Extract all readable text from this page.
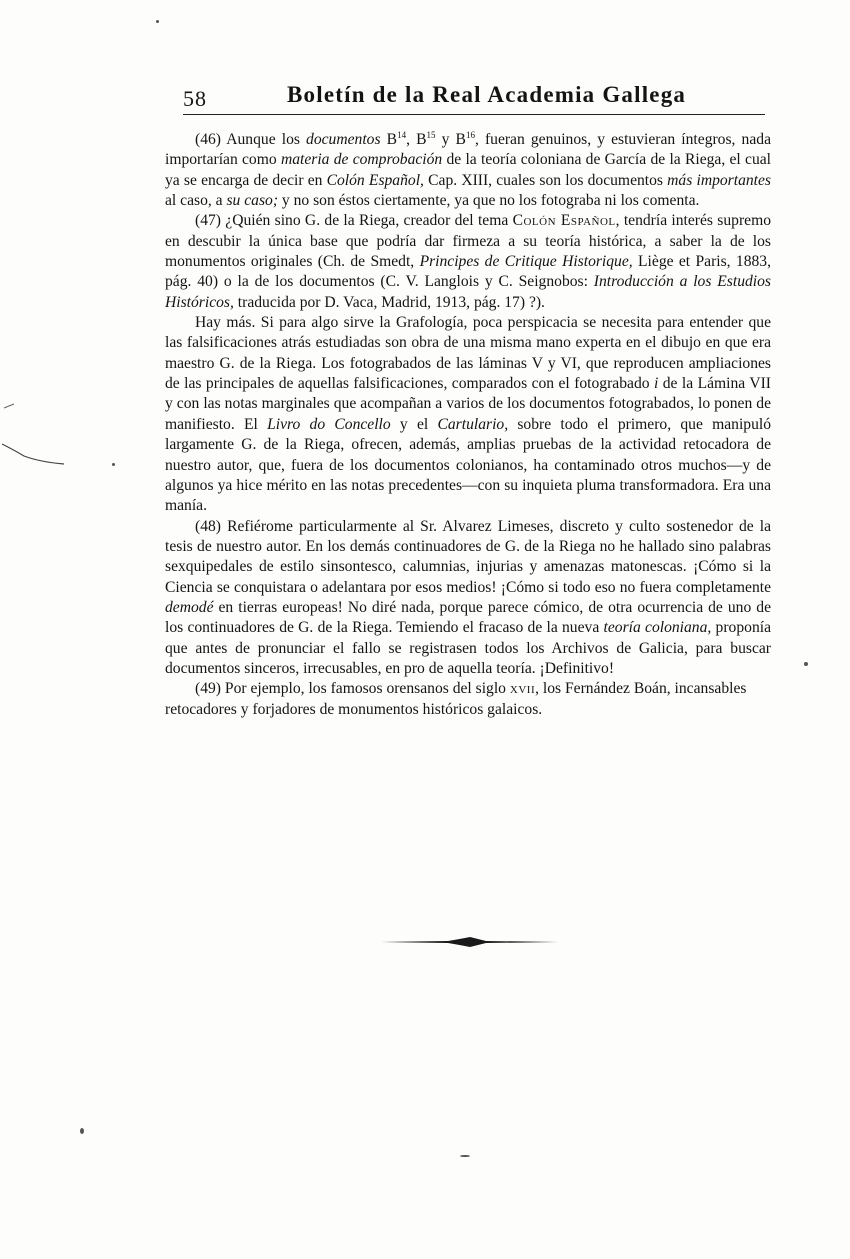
58	Boletín de la Real Academia Gallega

(46) Aunque los documentos $B^{14}$, $B^{15}$ y $B^{16}$, fueran genuinos, y estuvieran íntegros, nada importarían como materia de comprobación de la teoría coloniana de García de la Riega, el cual ya se encarga de decir en Colón Español, Cap. XIII, cuales son los documentos más importantes al caso, a su caso; y no son éstos ciertamente, ya que no los fotograba ni los comenta.

(47) ¿Quién sino G. de la Riega, creador del tema Colón Español, tendría interés supremo en descubir la única base que podría dar firmeza a su teoría histórica, a saber la de los monumentos originales (Ch. de Smedt, Principes de Critique Historique, Liège et Paris, 1883, pág. 40) o la de los documentos (C. V. Langlois y C. Seignobos: Introducción a los Estudios Históricos, traducida por D. Vaca, Madrid, 1913, pág. 17) ?).

Hay más. Si para algo sirve la Grafología, poca perspicacia se necesita para entender que las falsificaciones atrás estudiadas son obra de una misma mano experta en el dibujo en que era maestro G. de la Riega. Los fotograbados de las láminas V y VI, que reproducen ampliaciones de las principales de aquellas falsificaciones, comparados con el fotograbado i de la Lámina VII y con las notas marginales que acompañan a varios de los documentos fotograbados, lo ponen de manifiesto. El Livro do Concello y el Cartulario, sobre todo el primero, que manipuló largamente G. de la Riega, ofrecen, además, amplias pruebas de la actividad retocadora de nuestro autor, que, fuera de los documentos colonianos, ha contaminado otros muchos—y de algunos ya hice mérito en las notas precedentes—con su inquieta pluma transformadora. Era una manía.

(48) Refiérome particularmente al Sr. Alvarez Limeses, discreto y culto sostenedor de la tesis de nuestro autor. En los demás continuadores de G. de la Riega no he hallado sino palabras sexquipedales de estilo sinsontesco, calumnias, injurias y amenazas matonescas. ¡Cómo si la Ciencia se conquistara o adelantara por esos medios! ¡Cómo si todo eso no fuera completamente demodé en tierras europeas! No diré nada, porque parece cómico, de otra ocurrencia de uno de los continuadores de G. de la Riega. Temiendo el fracaso de la nueva teoría coloniana, proponía que antes de pronunciar el fallo se registrasen todos los Archivos de Galicia, para buscar documentos sinceros, irrecusables, en pro de aquella teoría. ¡Definitivo!

(49) Por ejemplo, los famosos orensanos del siglo xvii, los Fernández Boán, incansables retocadores y forjadores de monumentos históricos galaicos.
